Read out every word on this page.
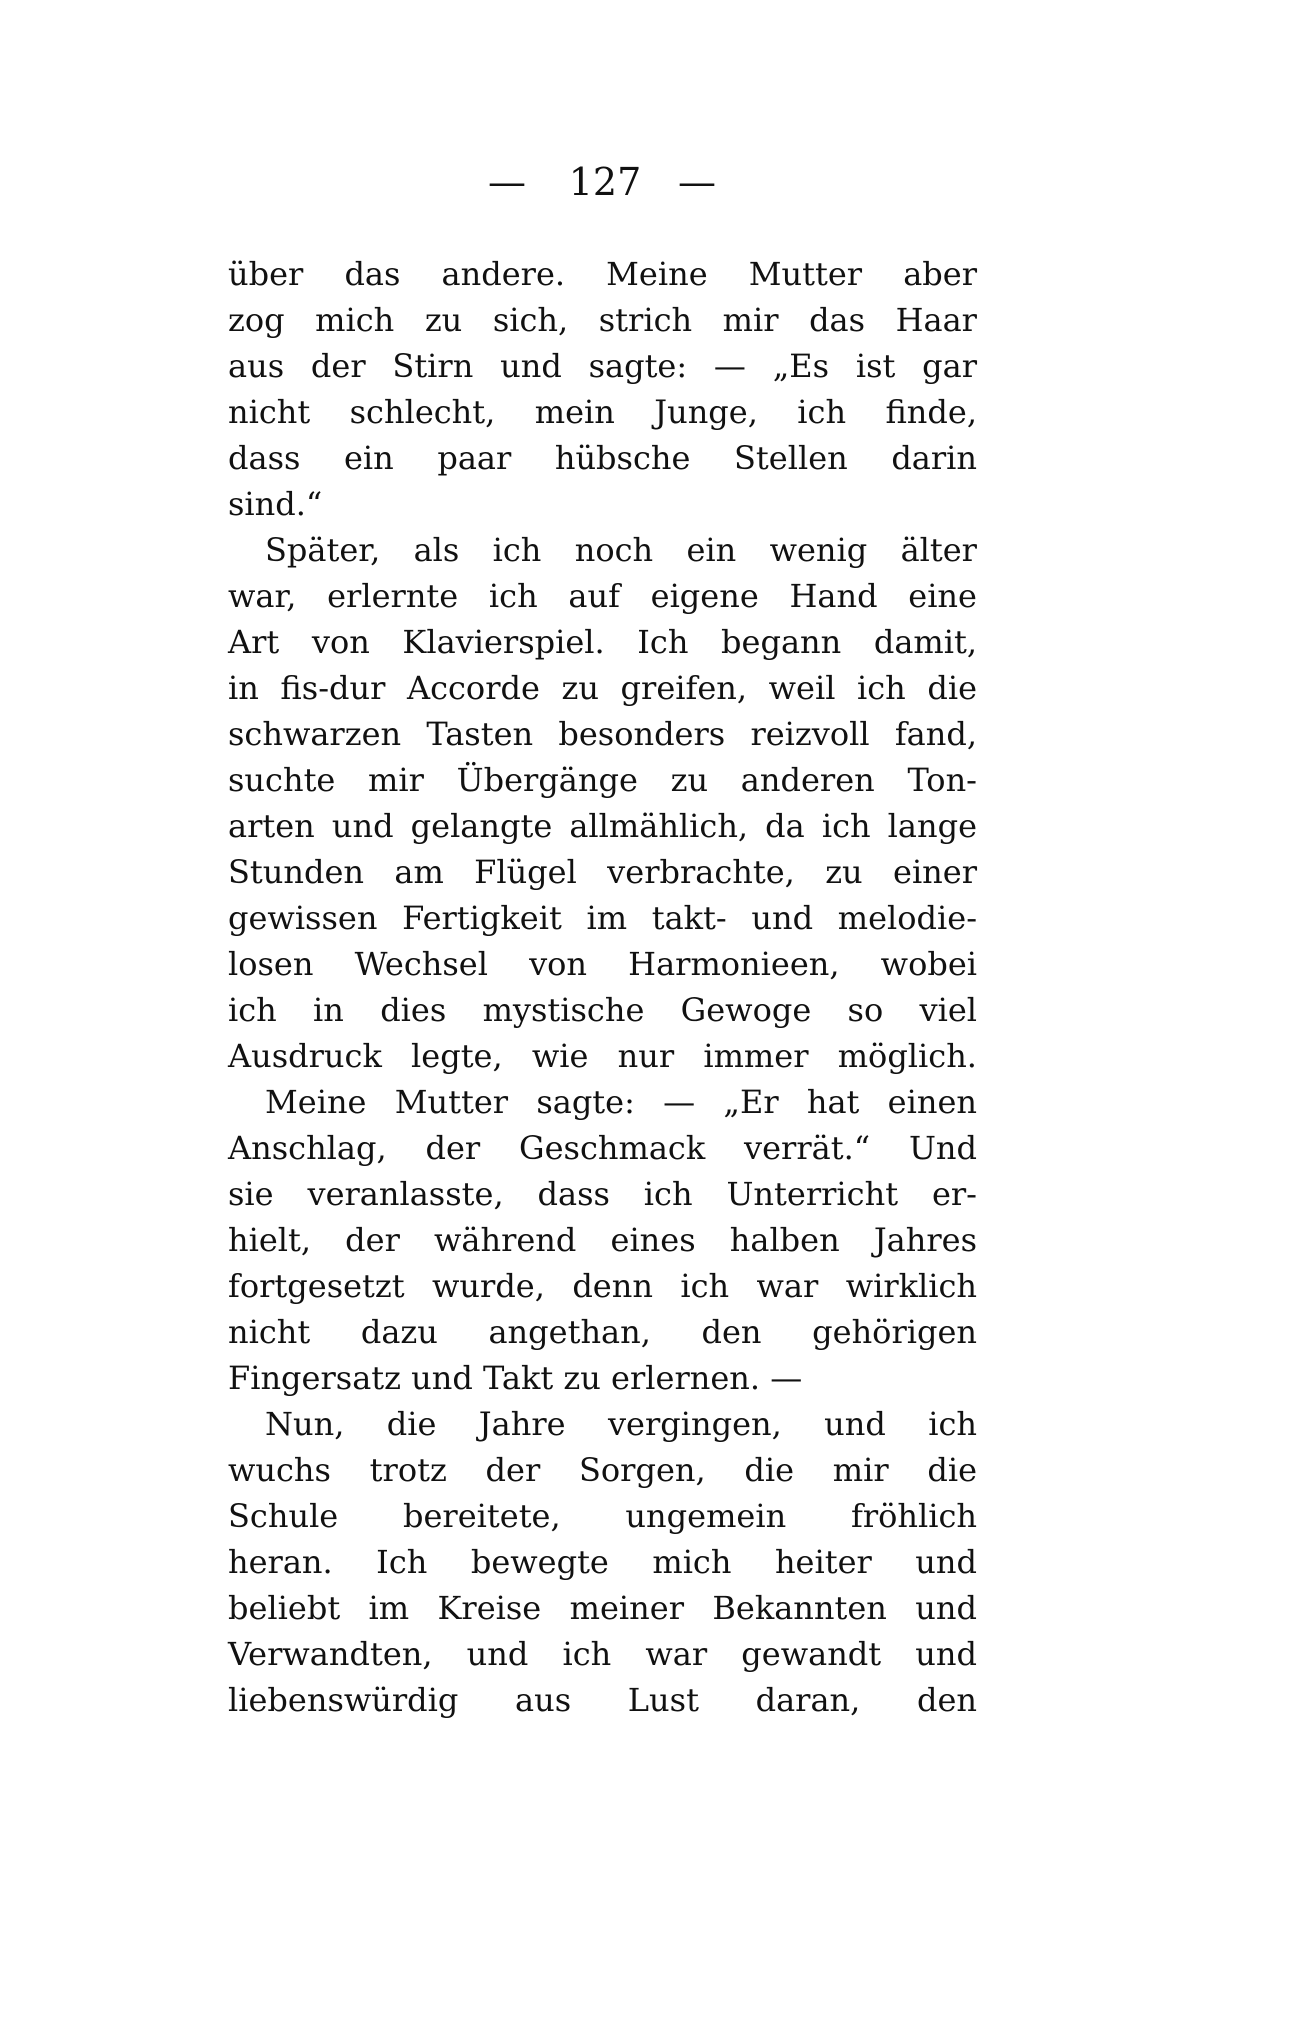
—	127 —
über das andere. Meine Mutter aber
zog mich zu sich, strich mir das Haar
aus der Stirn und sagte: — „Es ist gar
nicht schlecht, mein Junge, ich finde,
dass ein paar hübsche Stellen darin
sind.“
Später, als ich noch ein wenig älter
war, erlernte ich auf eigene Hand eine
Art von Klavierspiel. Ich begann damit,
in fis-dur Accorde zu greifen, weil ich die
schwarzen Tasten besonders reizvoll fand,
suchte mir Übergänge zu anderen Ton-
arten und gelangte allmählich, da ich lange
Stunden am Flügel verbrachte, zu einer
gewissen Fertigkeit im takt- und melodie-
losen Wechsel von Harmonieen, wobei
ich in dies mystische Gewoge so viel
Ausdruck legte, wie nur immer möglich.
Meine Mutter sagte: — „Er hat einen
Anschlag, der Geschmack verrät.“ Und
sie veranlasste, dass ich Unterricht er-
hielt, der während eines halben Jahres
fortgesetzt wurde, denn ich war wirklich
nicht dazu angethan, den gehörigen
Fingersatz und Takt zu erlernen. —
Nun, die Jahre vergingen, und ich
wuchs trotz der Sorgen, die mir die
Schule bereitete, ungemein fröhlich
heran. Ich bewegte mich heiter und
beliebt im Kreise meiner Bekannten und
Verwandten, und ich war gewandt und
liebenswürdig aus Lust daran, den
